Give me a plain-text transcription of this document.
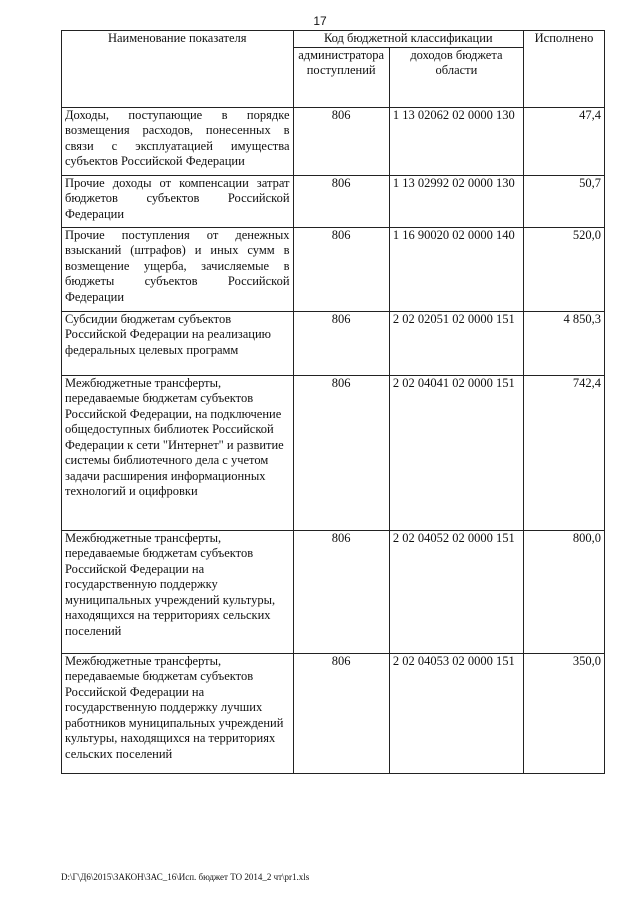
17
Наименование показателя	Код бюджетной классификации		Исполнено
	администратора поступлений	доходов бюджета области	
Доходы, поступающие в порядке возмещения расходов, понесенных в связи с эксплуатацией имущества субъектов Российской Федерации	806	1 13 02062 02 0000 130	47,4
Прочие доходы от компенсации затрат бюджетов субъектов Российской Федерации	806	1 13 02992 02 0000 130	50,7
Прочие поступления от денежных взысканий (штрафов) и иных сумм в возмещение ущерба, зачисляемые в бюджеты субъектов Российской Федерации	806	1 16 90020 02 0000 140	520,0
Субсидии бюджетам субъектов Российской Федерации на реализацию федеральных целевых программ	806	2 02 02051 02 0000 151	4 850,3
Межбюджетные трансферты, передаваемые бюджетам субъектов Российской Федерации, на подключение общедоступных библиотек Российской Федерации к сети "Интернет" и развитие системы библиотечного дела с учетом задачи расширения информационных технологий и оцифровки	806	2 02 04041 02 0000 151	742,4
Межбюджетные трансферты, передаваемые бюджетам субъектов Российской Федерации на государственную поддержку муниципальных учреждений культуры, находящихся на территориях сельских поселений	806	2 02 04052 02 0000 151	800,0
Межбюджетные трансферты, передаваемые бюджетам субъектов Российской Федерации на государственную поддержку лучших работников муниципальных учреждений культуры, находящихся на территориях сельских поселений	806	2 02 04053 02 0000 151	350,0
D:\Г\Д6\2015\ЗАКОН\ЗАС_16\Исп. бюджет ТО 2014_2 чт\pr1.xls
